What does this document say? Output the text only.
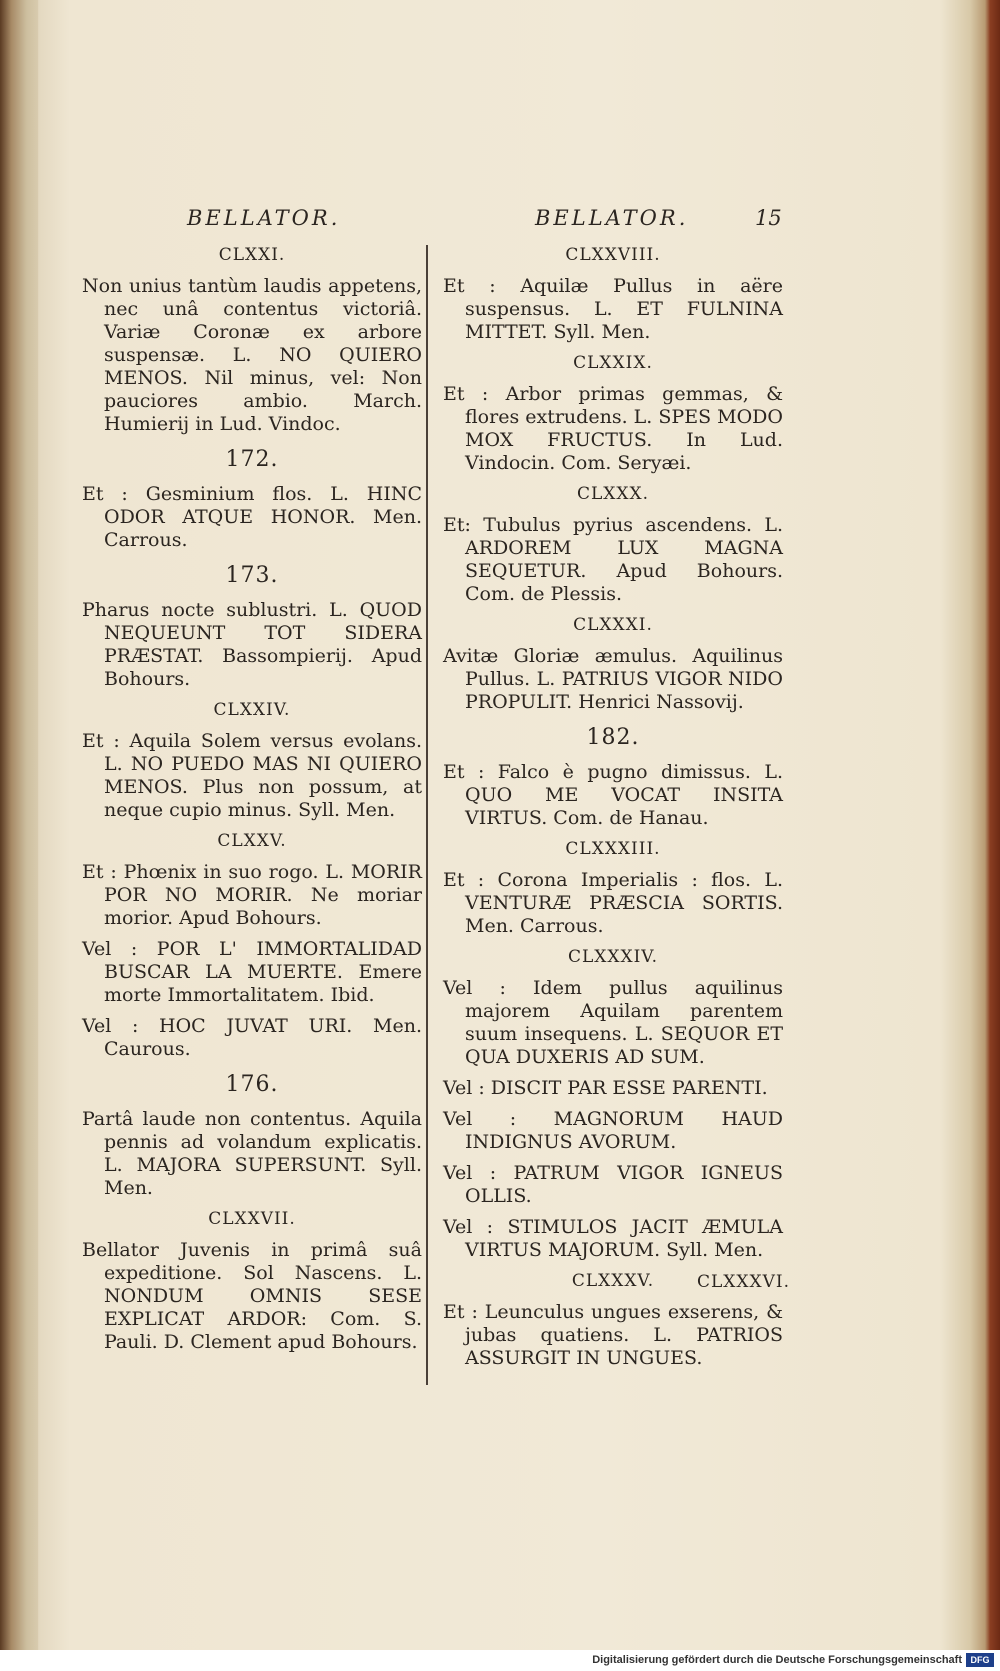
BELLATOR.	BELLATOR.	15
CLXXI.
Non unius tantùm laudis appetens, nec unâ contentus victoriâ. Variæ Coronæ ex arbore suspensæ. L. NO QUIERO MENOS. Nil minus, vel: Non pauciores ambio. March. Humierij in Lud. Vindoc.
172.
Et : Gesminium flos. L. HINC ODOR ATQUE HONOR. Men. Carrous.
173.
Pharus nocte sublustri. L. QUOD NEQUEUNT TOT SIDERA PRÆSTAT. Bassompierij. Apud Bohours.
CLXXIV.
Et : Aquila Solem versus evolans. L. NO PUEDO MAS NI QUIERO MENOS. Plus non possum, at neque cupio minus. Syll. Men.
CLXXV.
Et : Phœnix in suo rogo. L. MORIR POR NO MORIR. Ne moriar morior. Apud Bohours.
Vel : POR L' IMMORTALIDAD BUSCAR LA MUERTE. Emere morte Immortalitatem. Ibid.
Vel : HOC JUVAT URI. Men. Caurous.
176.
Partâ laude non contentus. Aquila pennis ad volandum explicatis. L. MAJORA SUPERSUNT. Syll. Men.
CLXXVII.
Bellator Juvenis in primâ suâ expeditione. Sol Nascens. L. NONDUM OMNIS SESE EXPLICAT ARDOR: Com. S. Pauli. D. Clement apud Bohours.
CLXXVIII.
Et : Aquilæ Pullus in aëre suspensus. L. ET FULNINA MITTET. Syll. Men.
CLXXIX.
Et : Arbor primas gemmas, & flores extrudens. L. SPES MODO MOX FRUCTUS. In Lud. Vindocin. Com. Seryæi.
CLXXX.
Et: Tubulus pyrius ascendens. L. ARDOREM LUX MAGNA SEQUETUR. Apud Bohours. Com. de Plessis.
CLXXXI.
Avitæ Gloriæ æmulus. Aquilinus Pullus. L. PATRIUS VIGOR NIDO PROPULIT. Henrici Nassovij.
182.
Et : Falco è pugno dimissus. L. QUO ME VOCAT INSITA VIRTUS. Com. de Hanau.
CLXXXIII.
Et : Corona Imperialis : flos. L. VENTURÆ PRÆSCIA SORTIS. Men. Carrous.
CLXXXIV.
Vel : Idem pullus aquilinus majorem Aquilam parentem suum insequens. L. SEQUOR ET QUA DUXERIS AD SUM.
Vel : DISCIT PAR ESSE PARENTI.
Vel : MAGNORUM HAUD INDIGNUS AVORUM.
Vel : PATRUM VIGOR IGNEUS OLLIS.
Vel : STIMULOS JACIT ÆMULA VIRTUS MAJORUM. Syll. Men.
CLXXXV.
Et : Leunculus ungues exserens, & jubas quatiens. L. PATRIOS ASSURGIT IN UNGUES.
CLXXXVI.
Digitalisierung gefördert durch die Deutsche Forschungsgemeinschaft DFG
